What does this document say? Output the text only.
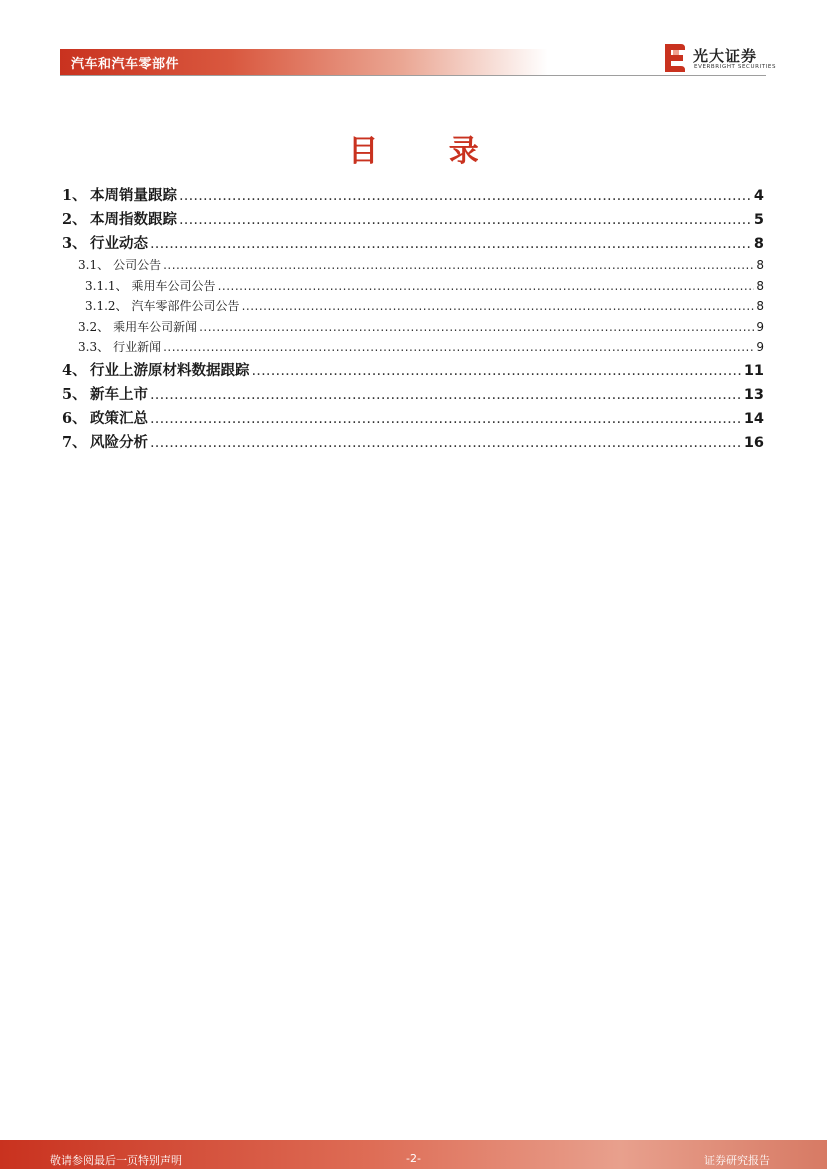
汽车和汽车零部件	光大证券
EVERBRIGHT SECURITIES
目 录
1、 本周销量跟踪 .....	4
2、 本周指数跟踪 .....	5
3、 行业动态 .....	8
3.1、 公司公告 .....	8
3.1.1、 乘用车公司公告 .....	8
3.1.2、 汽车零部件公司公告 .....	8
3.2、 乘用车公司新闻 .....	9
3.3、 行业新闻 .....	9
4、 行业上游原材料数据跟踪 .....	11
5、 新车上市 .....	13
6、 政策汇总 .....	14
7、 风险分析 .....	16
敬请参阅最后一页特别声明	-2-	证券研究报告
